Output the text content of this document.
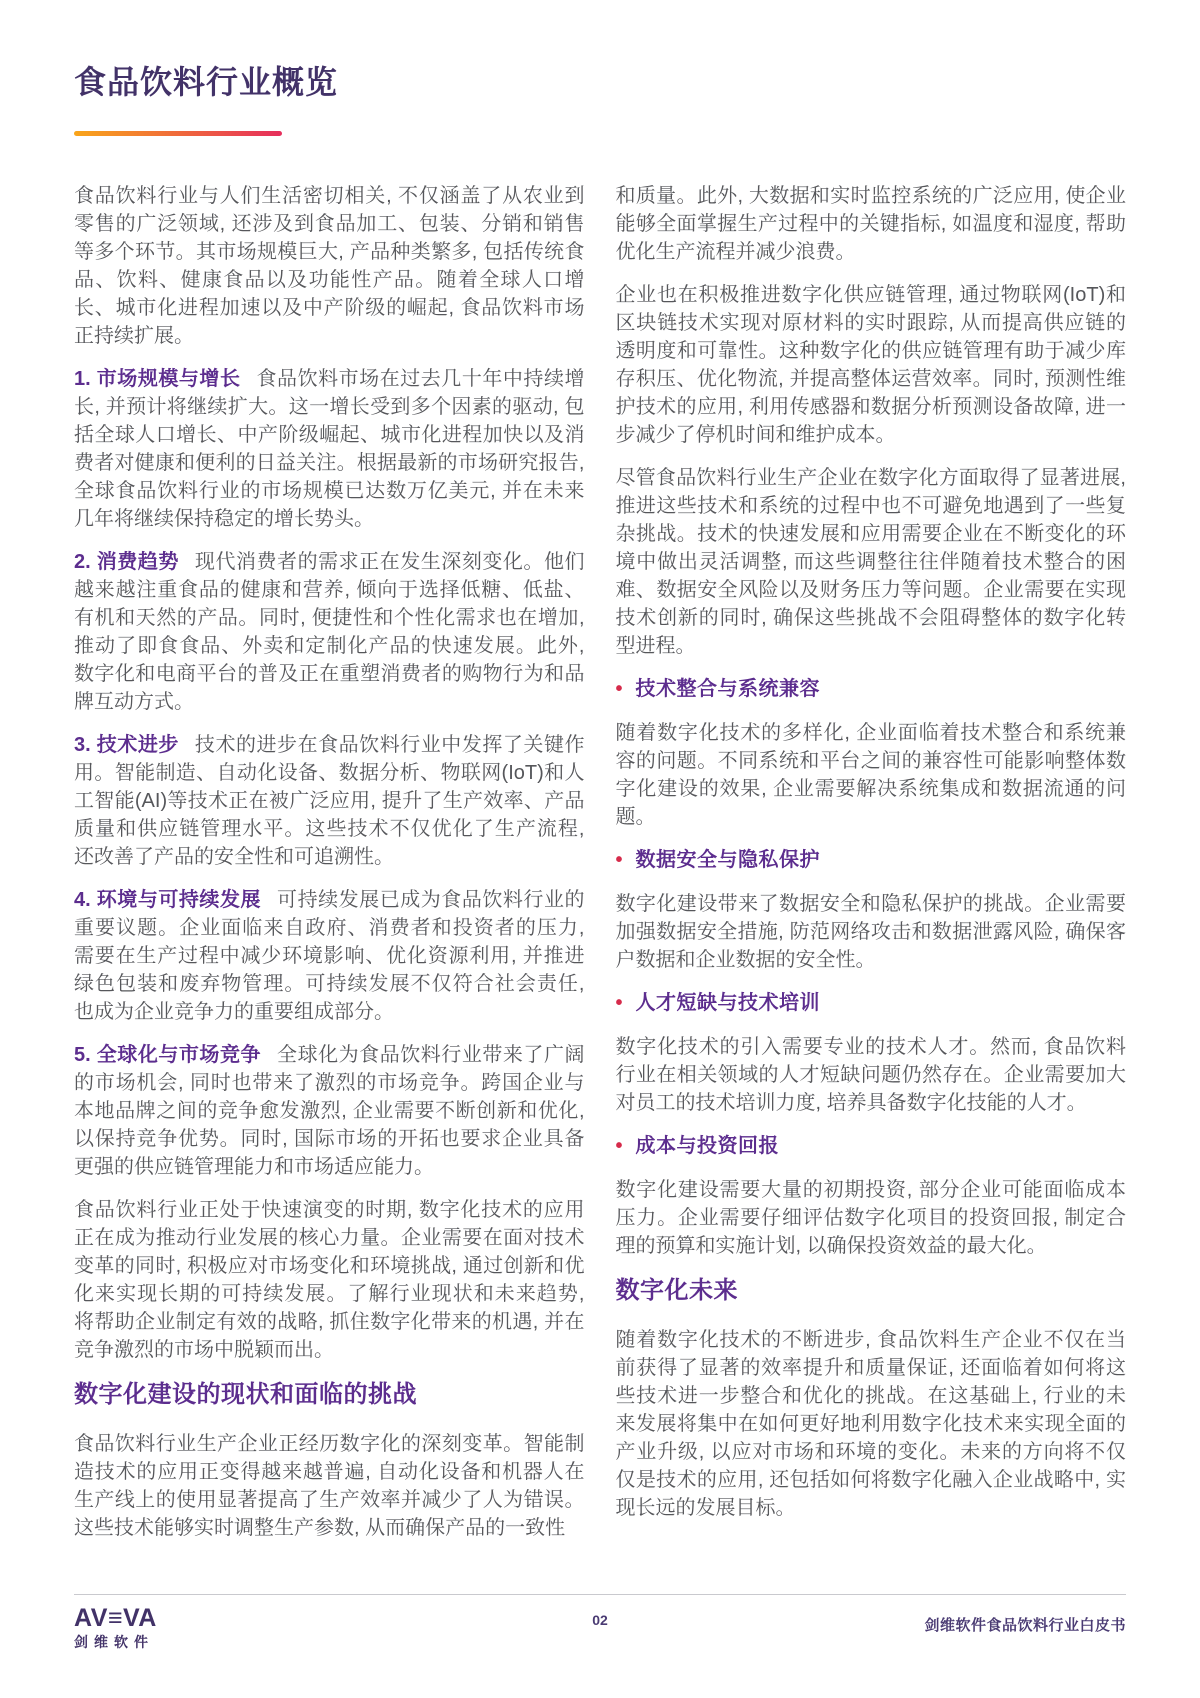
食品饮料行业概览

食品饮料行业与人们生活密切相关, 不仅涵盖了从农业到零售的广泛领域, 还涉及到食品加工、包装、分销和销售等多个环节。其市场规模巨大, 产品种类繁多, 包括传统食品、饮料、健康食品以及功能性产品。随着全球人口增长、城市化进程加速以及中产阶级的崛起, 食品饮料市场正持续扩展。

1. 市场规模与增长 食品饮料市场在过去几十年中持续增长, 并预计将继续扩大。这一增长受到多个因素的驱动, 包括全球人口增长、中产阶级崛起、城市化进程加快以及消费者对健康和便利的日益关注。根据最新的市场研究报告, 全球食品饮料行业的市场规模已达数万亿美元, 并在未来几年将继续保持稳定的增长势头。

2. 消费趋势 现代消费者的需求正在发生深刻变化。他们越来越注重食品的健康和营养, 倾向于选择低糖、低盐、有机和天然的产品。同时, 便捷性和个性化需求也在增加, 推动了即食食品、外卖和定制化产品的快速发展。此外, 数字化和电商平台的普及正在重塑消费者的购物行为和品牌互动方式。

3. 技术进步 技术的进步在食品饮料行业中发挥了关键作用。智能制造、自动化设备、数据分析、物联网(IoT)和人工智能(AI)等技术正在被广泛应用, 提升了生产效率、产品质量和供应链管理水平。这些技术不仅优化了生产流程, 还改善了产品的安全性和可追溯性。

4. 环境与可持续发展 可持续发展已成为食品饮料行业的重要议题。企业面临来自政府、消费者和投资者的压力, 需要在生产过程中减少环境影响、优化资源利用, 并推进绿色包装和废弃物管理。可持续发展不仅符合社会责任, 也成为企业竞争力的重要组成部分。

5. 全球化与市场竞争 全球化为食品饮料行业带来了广阔的市场机会, 同时也带来了激烈的市场竞争。跨国企业与本地品牌之间的竞争愈发激烈, 企业需要不断创新和优化, 以保持竞争优势。同时, 国际市场的开拓也要求企业具备更强的供应链管理能力和市场适应能力。

食品饮料行业正处于快速演变的时期, 数字化技术的应用正在成为推动行业发展的核心力量。企业需要在面对技术变革的同时, 积极应对市场变化和环境挑战, 通过创新和优化来实现长期的可持续发展。了解行业现状和未来趋势, 将帮助企业制定有效的战略, 抓住数字化带来的机遇, 并在竞争激烈的市场中脱颖而出。

数字化建设的现状和面临的挑战

食品饮料行业生产企业正经历数字化的深刻变革。智能制造技术的应用正变得越来越普遍, 自动化设备和机器人在生产线上的使用显著提高了生产效率并减少了人为错误。这些技术能够实时调整生产参数, 从而确保产品的一致性

和质量。此外, 大数据和实时监控系统的广泛应用, 使企业能够全面掌握生产过程中的关键指标, 如温度和湿度, 帮助优化生产流程并减少浪费。

企业也在积极推进数字化供应链管理, 通过物联网(IoT)和区块链技术实现对原材料的实时跟踪, 从而提高供应链的透明度和可靠性。这种数字化的供应链管理有助于减少库存积压、优化物流, 并提高整体运营效率。同时, 预测性维护技术的应用, 利用传感器和数据分析预测设备故障, 进一步减少了停机时间和维护成本。

尽管食品饮料行业生产企业在数字化方面取得了显著进展, 推进这些技术和系统的过程中也不可避免地遇到了一些复杂挑战。技术的快速发展和应用需要企业在不断变化的环境中做出灵活调整, 而这些调整往往伴随着技术整合的困难、数据安全风险以及财务压力等问题。企业需要在实现技术创新的同时, 确保这些挑战不会阻碍整体的数字化转型进程。

• 技术整合与系统兼容

随着数字化技术的多样化, 企业面临着技术整合和系统兼容的问题。不同系统和平台之间的兼容性可能影响整体数字化建设的效果, 企业需要解决系统集成和数据流通的问题。

• 数据安全与隐私保护

数字化建设带来了数据安全和隐私保护的挑战。企业需要加强数据安全措施, 防范网络攻击和数据泄露风险, 确保客户数据和企业数据的安全性。

• 人才短缺与技术培训

数字化技术的引入需要专业的技术人才。然而, 食品饮料行业在相关领域的人才短缺问题仍然存在。企业需要加大对员工的技术培训力度, 培养具备数字化技能的人才。

• 成本与投资回报

数字化建设需要大量的初期投资, 部分企业可能面临成本压力。企业需要仔细评估数字化项目的投资回报, 制定合理的预算和实施计划, 以确保投资效益的最大化。

数字化未来

随着数字化技术的不断进步, 食品饮料生产企业不仅在当前获得了显著的效率提升和质量保证, 还面临着如何将这些技术进一步整合和优化的挑战。在这基础上, 行业的未来发展将集中在如何更好地利用数字化技术来实现全面的产业升级, 以应对市场和环境的变化。未来的方向将不仅仅是技术的应用, 还包括如何将数字化融入企业战略中, 实现长远的发展目标。

AV≡VA
剑维软件
02	剑维软件食品饮料行业白皮书
